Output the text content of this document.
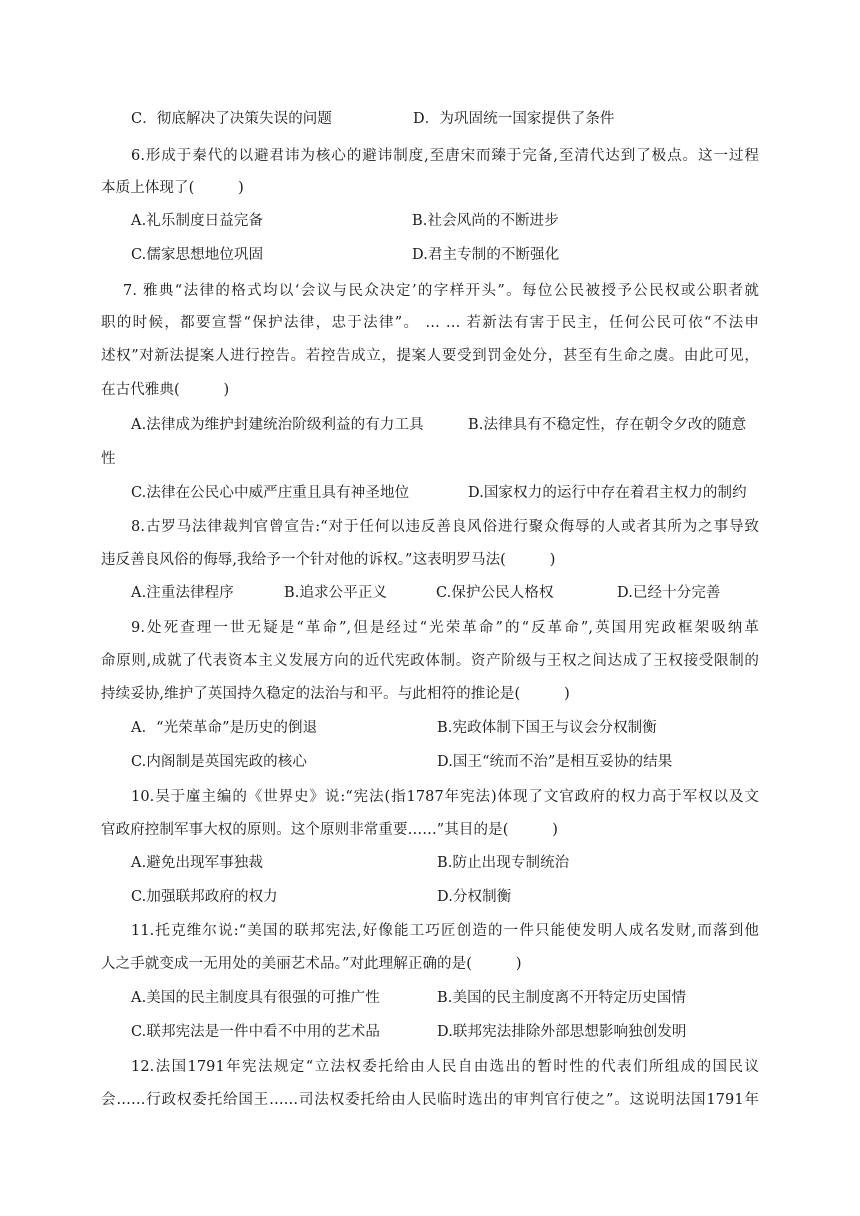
C．彻底解决了决策失误的问题	D．为巩固统一国家提供了条件
6.形成于秦代的以避君讳为核心的避讳制度,至唐宋而臻于完备,至清代达到了极点。这一过程
本质上体现了(　　　)
A.礼乐制度日益完备	B.社会风尚的不断进步
C.儒家思想地位巩固	D.君主专制的不断强化
7. 雅典“法律的格式均以‘会议与民众决定’的字样开头”。每位公民被授予公民权或公职者就
职的时候，都要宣誓“保护法律，忠于法律”。 … … 若新法有害于民主，任何公民可依“不法申
述权”对新法提案人进行控告。若控告成立，提案人要受到罚金处分，甚至有生命之虞。由此可见，
在古代雅典(　　　)
A.法律成为维护封建统治阶级利益的有力工具	B.法律具有不稳定性，存在朝令夕改的随意
性
C.法律在公民心中威严庄重且具有神圣地位	D.国家权力的运行中存在着君主权力的制约
8.古罗马法律裁判官曾宣告:“对于任何以违反善良风俗进行聚众侮辱的人或者其所为之事导致
违反善良风俗的侮辱,我给予一个针对他的诉权。”这表明罗马法(　　　)
A.注重法律程序	B.追求公平正义	C.保护公民人格权	D.已经十分完善
9.处死查理一世无疑是“革命”,但是经过“光荣革命”的“反革命”,英国用宪政框架吸纳革
命原则,成就了代表资本主义发展方向的近代宪政体制。资产阶级与王权之间达成了王权接受限制的
持续妥协,维护了英国持久稳定的法治与和平。与此相符的推论是(　　　)
A．“光荣革命”是历史的倒退	B.宪政体制下国王与议会分权制衡
C.内阁制是英国宪政的核心	D.国王“统而不治”是相互妥协的结果
10.吴于廑主编的《世界史》说:“宪法(指1787年宪法)体现了文官政府的权力高于军权以及文
官政府控制军事大权的原则。这个原则非常重要……”其目的是(　　　)
A.避免出现军事独裁	B.防止出现专制统治
C.加强联邦政府的权力	D.分权制衡
11.托克维尔说:“美国的联邦宪法,好像能工巧匠创造的一件只能使发明人成名发财,而落到他
人之手就变成一无用处的美丽艺术品。”对此理解正确的是(　　　)
A.美国的民主制度具有很强的可推广性	B.美国的民主制度离不开特定历史国情
C.联邦宪法是一件中看不中用的艺术品	D.联邦宪法排除外部思想影响独创发明
12.法国1791年宪法规定“立法权委托给由人民自由选出的暂时性的代表们所组成的国民议
会……行政权委托给国王……司法权委托给由人民临时选出的审判官行使之”。这说明法国1791年
